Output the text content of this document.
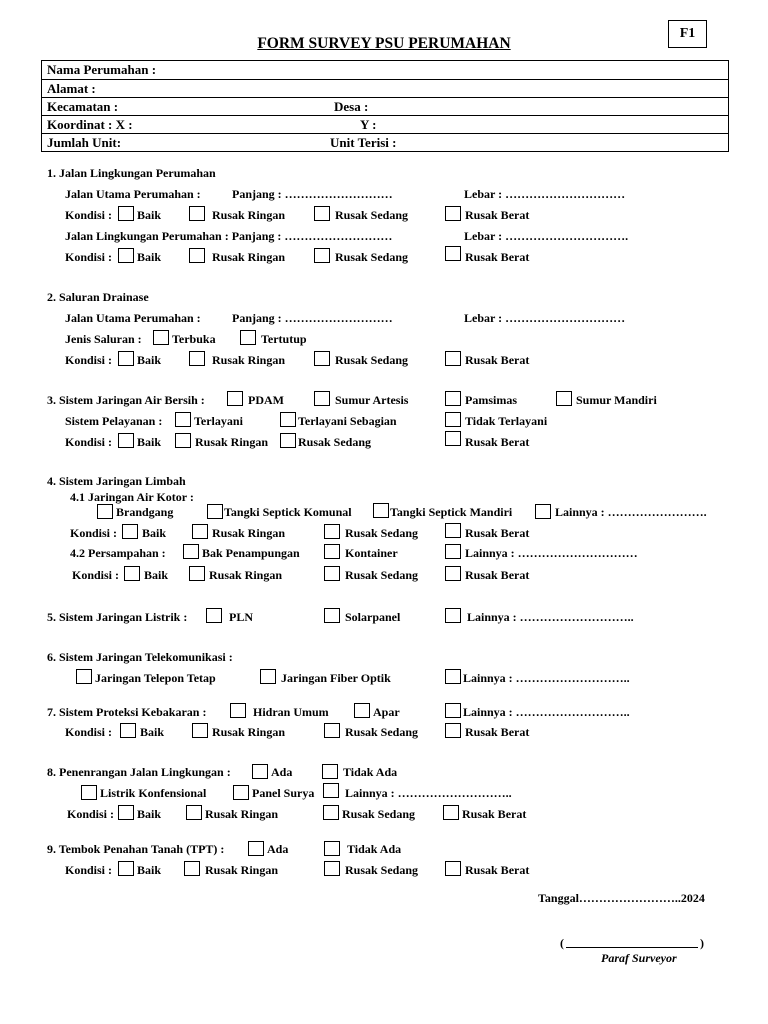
F1
FORM SURVEY PSU PERUMAHAN
Nama Perumahan :
Alamat :
Kecamatan :	Desa :
Koordinat : X :	Y :
Jumlah Unit:	Unit Terisi :
1. Jalan Lingkungan Perumahan
Jalan Utama Perumahan :	Panjang : ………………………	Lebar : …………………………
Kondisi : Baik	Rusak Ringan	Rusak Sedang	Rusak Berat
Jalan Lingkungan Perumahan : Panjang : ………………………	Lebar : ………………………….
Kondisi : Baik	Rusak Ringan	Rusak Sedang	Rusak Berat
2. Saluran Drainase
Jalan Utama Perumahan :	Panjang : ………………………	Lebar : …………………………
Jenis Saluran :	Terbuka	Tertutup
Kondisi : Baik	Rusak Ringan	Rusak Sedang	Rusak Berat
3. Sistem Jaringan Air Bersih :	PDAM	Sumur Artesis	Pamsimas	Sumur Mandiri
Sistem Pelayanan :	Terlayani	Terlayani Sebagian	Tidak Terlayani
Kondisi : Baik	Rusak Ringan Rusak Sedang	Rusak Berat
4. Sistem Jaringan Limbah
4.1 Jaringan Air Kotor :
Brandgang	Tangki Septick Komunal	Tangki Septick Mandiri	Lainnya : …………………….
Kondisi : Baik	Rusak Ringan	Rusak Sedang	Rusak Berat
4.2 Persampahan :	Bak Penampungan	Kontainer	Lainnya : …………………………
Kondisi : Baik	Rusak Ringan	Rusak Sedang	Rusak Berat
5. Sistem Jaringan Listrik :	PLN	Solarpanel	Lainnya : ………………………..
6. Sistem Jaringan Telekomunikasi :
Jaringan Telepon Tetap	Jaringan Fiber Optik	Lainnya : ………………………..
7. Sistem Proteksi Kebakaran :	Hidran Umum	Apar	Lainnya : ………………………..
Kondisi : Baik	Rusak Ringan	Rusak Sedang	Rusak Berat
8. Penenrangan Jalan Lingkungan :	Ada	Tidak Ada
Listrik Konfensional	Panel Surya	Lainnya : ………………………..
Kondisi : Baik	Rusak Ringan	Rusak Sedang	Rusak Berat
9. Tembok Penahan Tanah (TPT) :	Ada	Tidak Ada
Kondisi : Baik	Rusak Ringan	Rusak Sedang	Rusak Berat
Tanggal……………………..2024
(	)
Paraf Surveyor
